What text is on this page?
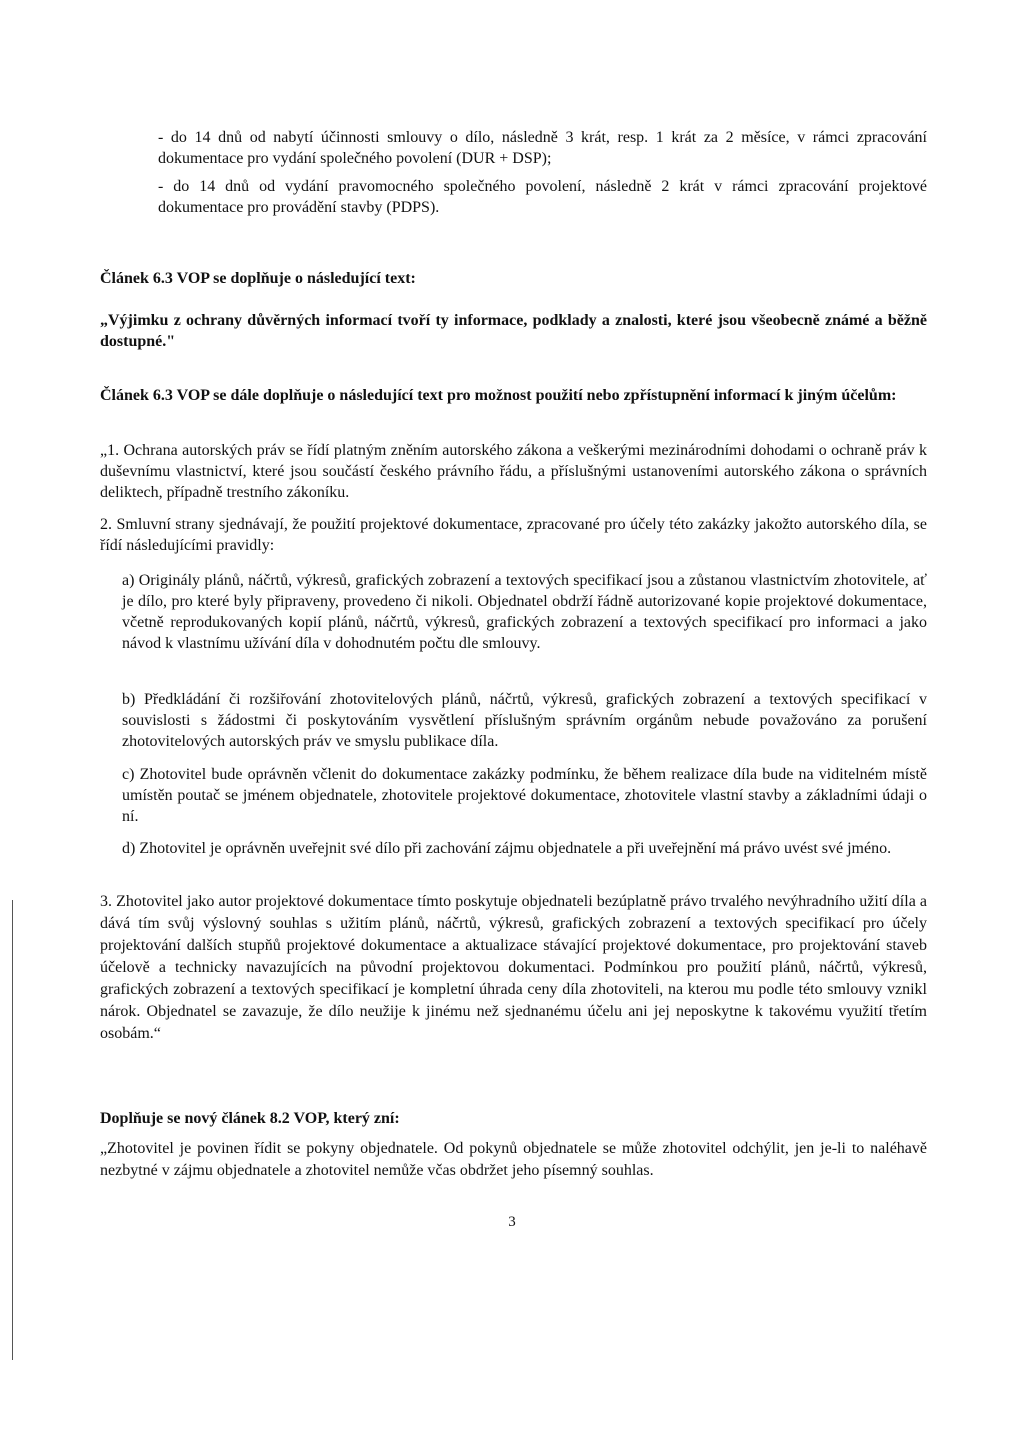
- do 14 dnů od nabytí účinnosti smlouvy o dílo, následně 3 krát, resp. 1 krát za 2 měsíce, v rámci zpracování dokumentace pro vydání společného povolení (DUR + DSP);

- do 14 dnů od vydání pravomocného společného povolení, následně 2 krát v rámci zpracování projektové dokumentace pro provádění stavby (PDPS).

Článek 6.3 VOP se doplňuje o následující text:

„Výjimku z ochrany důvěrných informací tvoří ty informace, podklady a znalosti, které jsou všeobecně známé a běžně dostupné."

Článek 6.3 VOP se dále doplňuje o následující text pro možnost použití nebo zpřístupnění informací k jiným účelům:

„1. Ochrana autorských práv se řídí platným zněním autorského zákona a veškerými mezinárodními dohodami o ochraně práv k duševnímu vlastnictví, které jsou součástí českého právního řádu, a příslušnými ustanoveními autorského zákona o správních deliktech, případně trestního zákoníku.

2. Smluvní strany sjednávají, že použití projektové dokumentace, zpracované pro účely této zakázky jakožto autorského díla, se řídí následujícími pravidly:

a) Originály plánů, náčrtů, výkresů, grafických zobrazení a textových specifikací jsou a zůstanou vlastnictvím zhotovitele, ať je dílo, pro které byly připraveny, provedeno či nikoli. Objednatel obdrží řádně autorizované kopie projektové dokumentace, včetně reprodukovaných kopií plánů, náčrtů, výkresů, grafických zobrazení a textových specifikací pro informaci a jako návod k vlastnímu užívání díla v dohodnutém počtu dle smlouvy.

b) Předkládání či rozšiřování zhotovitelových plánů, náčrtů, výkresů, grafických zobrazení a textových specifikací v souvislosti s žádostmi či poskytováním vysvětlení příslušným správním orgánům nebude považováno za porušení zhotovitelových autorských práv ve smyslu publikace díla.

c) Zhotovitel bude oprávněn včlenit do dokumentace zakázky podmínku, že během realizace díla bude na viditelném místě umístěn poutač se jménem objednatele, zhotovitele projektové dokumentace, zhotovitele vlastní stavby a základními údaji o ní.

d) Zhotovitel je oprávněn uveřejnit své dílo při zachování zájmu objednatele a při uveřejnění má právo uvést své jméno.

3. Zhotovitel jako autor projektové dokumentace tímto poskytuje objednateli bezúplatně právo trvalého nevýhradního užití díla a dává tím svůj výslovný souhlas s užitím plánů, náčrtů, výkresů, grafických zobrazení a textových specifikací pro účely projektování dalších stupňů projektové dokumentace a aktualizace stávající projektové dokumentace, pro projektování staveb účelově a technicky navazujících na původní projektovou dokumentaci. Podmínkou pro použití plánů, náčrtů, výkresů, grafických zobrazení a textových specifikací je kompletní úhrada ceny díla zhotoviteli, na kterou mu podle této smlouvy vznikl nárok. Objednatel se zavazuje, že dílo neužije k jinému než sjednanému účelu ani jej neposkytne k takovému využití třetím osobám.“

Doplňuje se nový článek 8.2 VOP, který zní:

„Zhotovitel je povinen řídit se pokyny objednatele. Od pokynů objednatele se může zhotovitel odchýlit, jen je-li to naléhavě nezbytné v zájmu objednatele a zhotovitel nemůže včas obdržet jeho písemný souhlas.

3
